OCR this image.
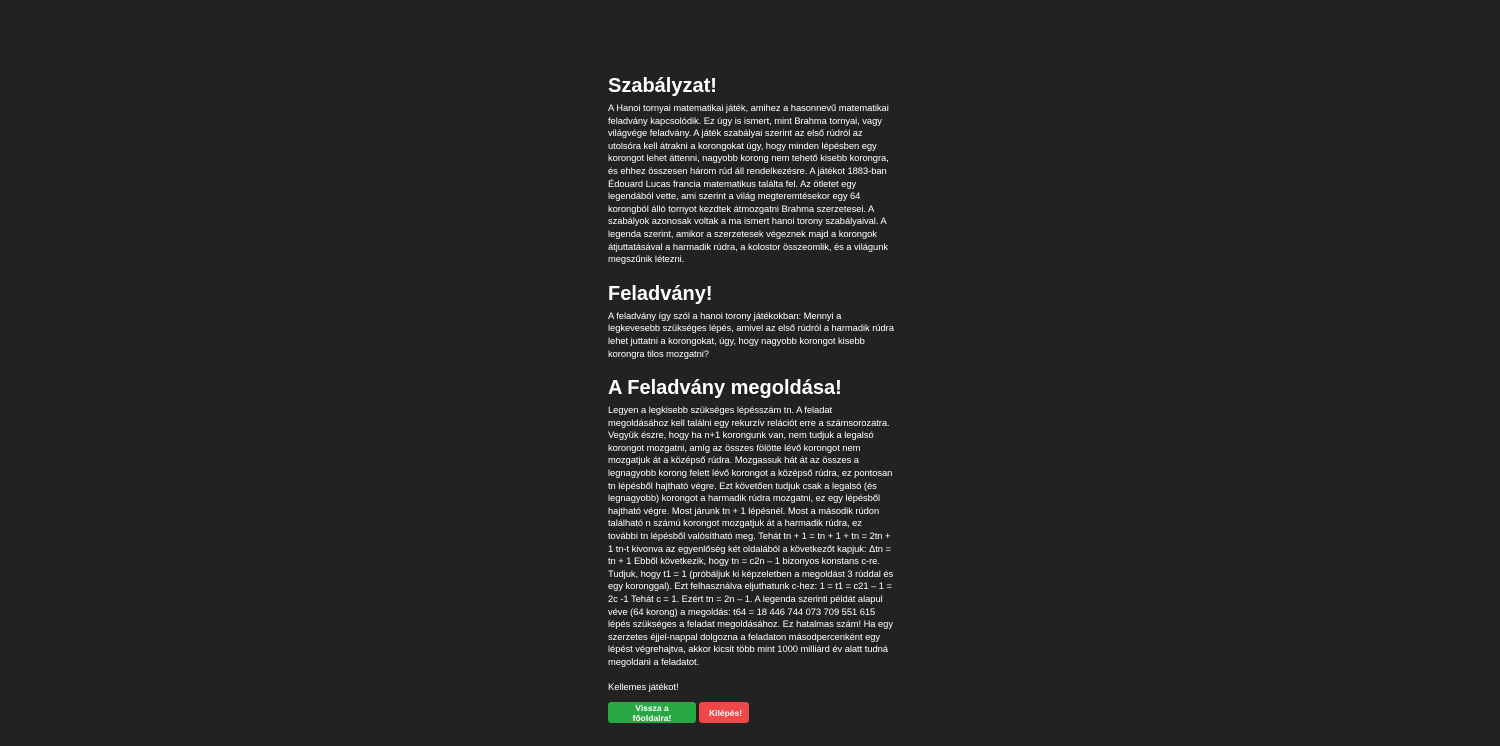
Szabályzat!

A Hanoi tornyai matematikai játék, amihez a hasonnevű matematikai feladvány kapcsolódik. Ez úgy is ismert, mint Brahma tornyai, vagy világvége feladvány. A játék szabályai szerint az első rúdról az utolsóra kell átrakni a korongokat úgy, hogy minden lépésben egy korongot lehet áttenni, nagyobb korong nem tehető kisebb korongra, és ehhez összesen három rúd áll rendelkezésre. A játékot 1883-ban Édouard Lucas francia matematikus találta fel. Az ötletet egy legendából vette, ami szerint a világ megteremtésekor egy 64 korongból álló tornyot kezdtek átmozgatni Brahma szerzetesei. A szabályok azonosak voltak a ma ismert hanoi torony szabályaival. A legenda szerint, amikor a szerzetesek végeznek majd a korongok átjuttatásával a harmadik rúdra, a kolostor összeomlik, és a világunk megszűnik létezni.

Feladvány!

A feladvány így szól a hanoi torony játékokban: Mennyi a legkevesebb szükséges lépés, amivel az első rúdról a harmadik rúdra lehet juttatni a korongokat, úgy, hogy nagyobb korongot kisebb korongra tilos mozgatni?

A Feladvány megoldása!

Legyen a legkisebb szükséges lépésszám tn. A feladat megoldásához kell találni egy rekurzív relációt erre a számsorozatra. Vegyük észre, hogy ha n+1 korongunk van, nem tudjuk a legalsó korongot mozgatni, amíg az összes fölötte lévő korongot nem mozgatjuk át a középső rúdra. Mozgassuk hát át az összes a legnagyobb korong felett lévő korongot a középső rúdra, ez pontosan tn lépésből hajtható végre. Ezt követően tudjuk csak a legalsó (és legnagyobb) korongot a harmadik rúdra mozgatni, ez egy lépésből hajtható végre. Most járunk tn + 1 lépésnél. Most a második rúdon található n számú korongot mozgatjuk át a harmadik rúdra, ez további tn lépésből valósítható meg. Tehát tn + 1 = tn + 1 + tn = 2tn + 1 tn-t kivonva az egyenlőség két oldalából a következőt kapjuk: Δtn = tn + 1 Ebből következik, hogy tn = c2n – 1 bizonyos konstans c-re. Tudjuk, hogy t1 = 1 (próbáljuk ki képzeletben a megoldást 3 rúddal és egy koronggal). Ezt felhasználva eljuthatunk c-hez: 1 = t1 = c21 – 1 = 2c -1 Tehát c = 1. Ezért tn = 2n – 1. A legenda szerinti példát alapul véve (64 korong) a megoldás: t64 = 18 446 744 073 709 551 615 lépés szükséges a feladat megoldásához. Ez hatalmas szám! Ha egy szerzetes éjjel-nappal dolgozna a feladaton másodpercenként egy lépést végrehajtva, akkor kicsit több mint 1000 milliárd év alatt tudná megoldani a feladatot.

Kellemes játékot!

Vissza a főoldalra!	Kilépés!
